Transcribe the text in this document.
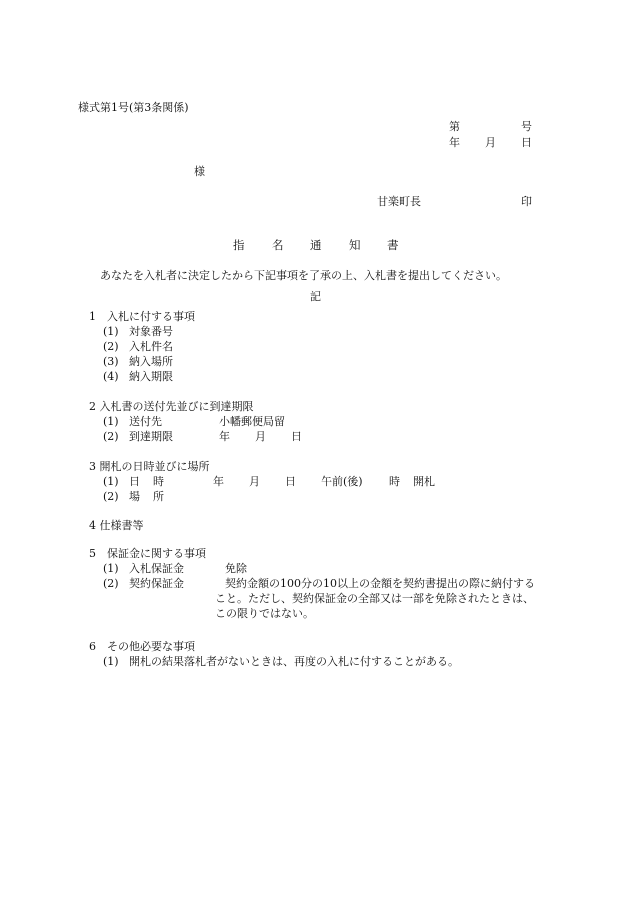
様式第1号(第3条関係)
第	号
年 月 日
様
甘楽町長	印
指 名 通 知 書
あなたを入札者に決定したから下記事項を了承の上、入札書を提出してください。
記
1　入札に付する事項
(1) 対象番号
(2) 入札件名
(3) 納入場所
(4) 納入期限
2 入札書の送付先並びに到達期限
(1) 送付先	小幡郵便局留
(2) 到達期限	年 月 日
3 開札の日時並びに場所
(1) 日 時	年 月 日 午前(後) 時 開札
(2) 場 所
4 仕様書等
5　保証金に関する事項
(1) 入札保証金	免除
(2) 契約保証金	契約金額の100分の10以上の金額を契約書提出の際に納付する
こと。ただし、契約保証金の全部又は一部を免除されたときは、
この限りではない。
6　その他必要な事項
(1) 開札の結果落札者がないときは、再度の入札に付することがある。
